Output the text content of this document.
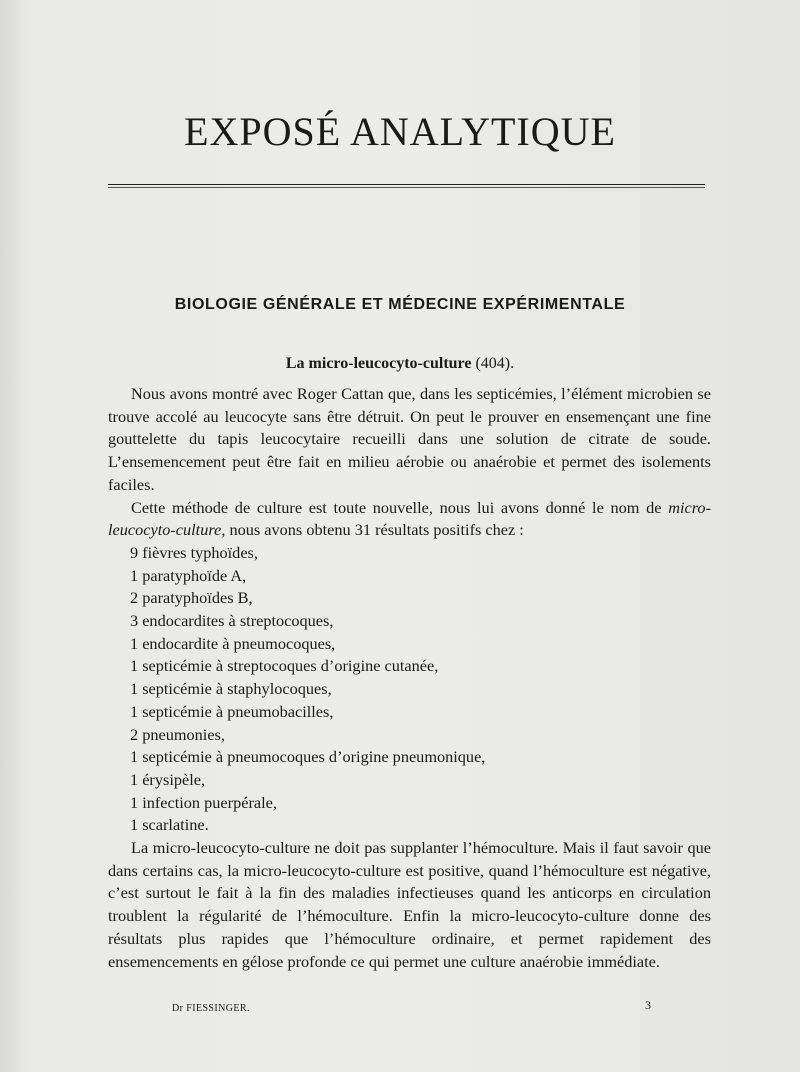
EXPOSÉ ANALYTIQUE
BIOLOGIE GÉNÉRALE ET MÉDECINE EXPÉRIMENTALE
La micro-leucocyto-culture (404).

Nous avons montré avec Roger Cattan que, dans les septicémies, l’élément microbien se trouve accolé au leucocyte sans être détruit. On peut le prouver en ensemençant une fine gouttelette du tapis leucocytaire recueilli dans une solution de citrate de soude. L’ensemencement peut être fait en milieu aérobie ou anaérobie et permet des isolements faciles.

Cette méthode de culture est toute nouvelle, nous lui avons donné le nom de micro-leucocyto-culture, nous avons obtenu 31 résultats positifs chez :

9 fièvres typhoïdes,
1 paratyphoïde A,
2 paratyphoïdes B,
3 endocardites à streptocoques,
1 endocardite à pneumocoques,
1 septicémie à streptocoques d’origine cutanée,
1 septicémie à staphylocoques,
1 septicémie à pneumobacilles,
2 pneumonies,
1 septicémie à pneumocoques d’origine pneumonique,
1 érysipèle,
1 infection puerpérale,
1 scarlatine.

La micro-leucocyto-culture ne doit pas supplanter l’hémoculture. Mais il faut savoir que dans certains cas, la micro-leucocyto-culture est positive, quand l’hémoculture est négative, c’est surtout le fait à la fin des maladies infectieuses quand les anticorps en circulation troublent la régularité de l’hémoculture. Enfin la micro-leucocyto-culture donne des résultats plus rapides que l’hémoculture ordinaire, et permet rapidement des ensemencements en gélose profonde ce qui permet une culture anaérobie immédiate.

Dr FIESSINGER.	3
